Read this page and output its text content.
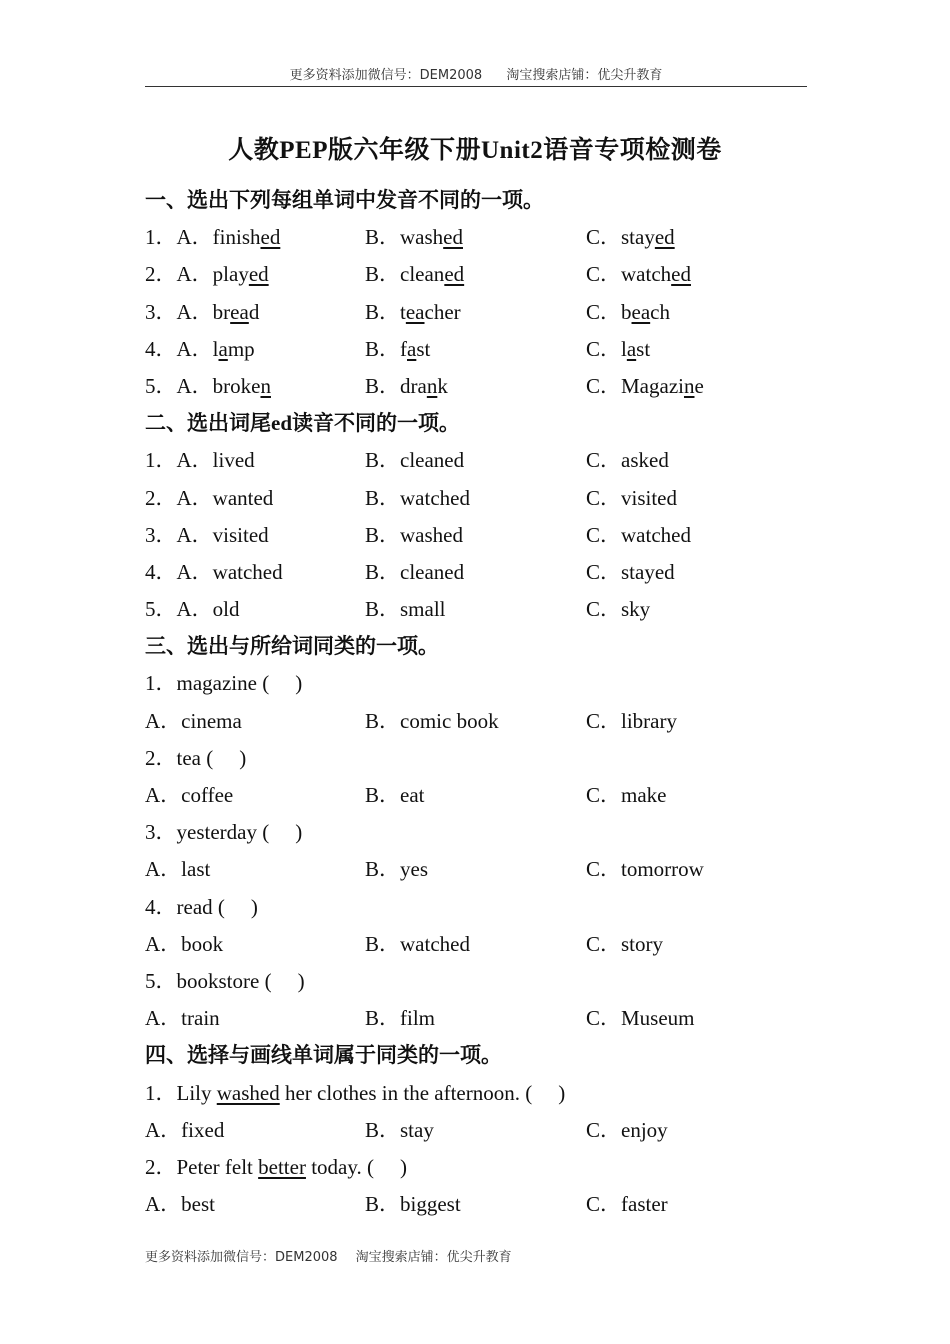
更多资料添加微信号：DEM2008 淘宝搜索店铺：优尖升教育
人教PEP版六年级下册Unit2语音专项检测卷
一、选出下列每组单词中发音不同的一项。
1．A．finished	B．washed	C．stayed
2．A．played	B．cleaned	C．watched
3．A．bread	B．teacher	C．beach
4．A．lamp	B．fast	C．last
5．A．broken	B．drank	C．Magazine
二、选出词尾ed读音不同的一项。
1．A．lived	B．cleaned	C．asked
2．A．wanted	B．watched	C．visited
3．A．visited	B．washed	C．watched
4．A．watched	B．cleaned	C．stayed
5．A．old	B．small	C．sky
三、选出与所给词同类的一项。
1．magazine ( )
A．cinema	B．comic book	C．library
2．tea ( )
A．coffee	B．eat	C．make
3．yesterday ( )
A．last	B．yes	C．tomorrow
4．read ( )
A．book	B．watched	C．story
5．bookstore ( )
A．train	B．film	C．Museum
四、选择与画线单词属于同类的一项。
1．Lily washed her clothes in the afternoon. ( )
A．fixed	B．stay	C．enjoy
2．Peter felt better today. ( )
A．best	B．biggest	C．faster
更多资料添加微信号：DEM2008 淘宝搜索店铺：优尖升教育
